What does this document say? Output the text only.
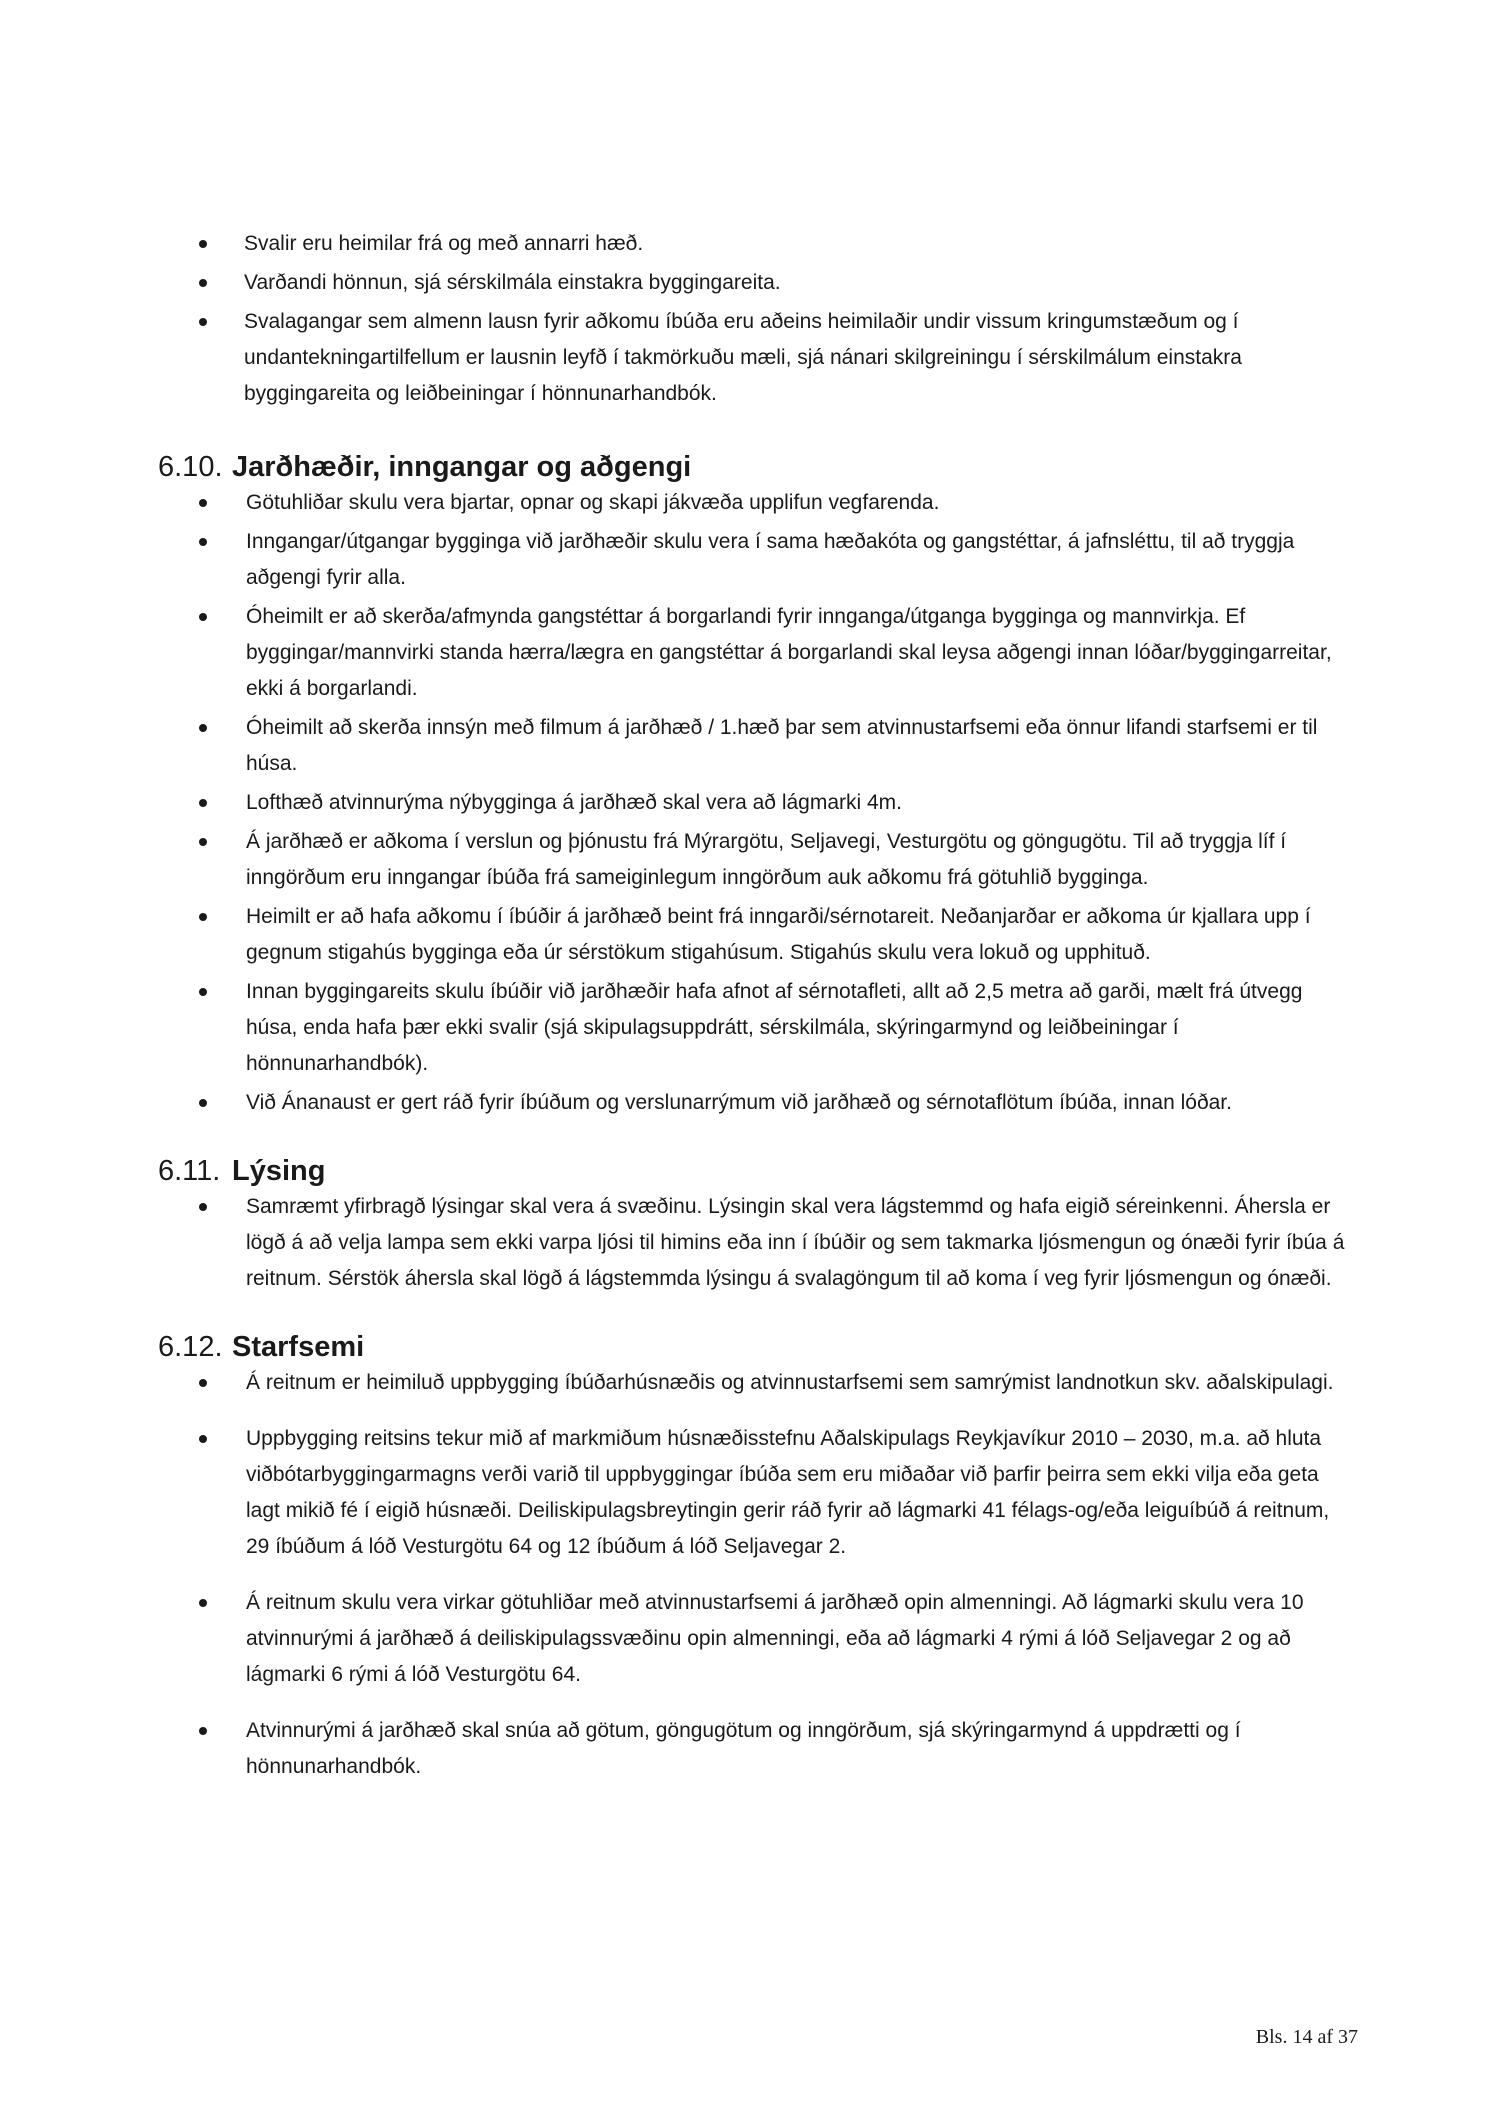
Svalir eru heimilar frá og með annarri hæð.
Varðandi hönnun, sjá sérskilmála einstakra byggingareita.
Svalagangar sem almenn lausn fyrir aðkomu íbúða eru aðeins heimilaðir undir vissum kringumstæðum og í undantekningartilfellum er lausnin leyfð í takmörkuðu mæli, sjá nánari skilgreiningu í sérskilmálum einstakra byggingareita og leiðbeiningar í hönnunarhandbók.
6.10. Jarðhæðir, inngangar og aðgengi
Götuhliðar skulu vera bjartar, opnar og skapi jákvæða upplifun vegfarenda.
Inngangar/útgangar bygginga við jarðhæðir skulu vera í sama hæðakóta og gangstéttar, á jafnsléttu, til að tryggja aðgengi fyrir alla.
Óheimilt er að skerða/afmynda gangstéttar á borgarlandi fyrir innganga/útganga bygginga og mannvirkja. Ef byggingar/mannvirki standa hærra/lægra en gangstéttar á borgarlandi skal leysa aðgengi innan lóðar/byggingarreitar, ekki á borgarlandi.
Óheimilt að skerða innsýn með filmum á jarðhæð / 1.hæð þar sem atvinnustarfsemi eða önnur lifandi starfsemi er til húsa.
Lofthæð atvinnurýma nýbygginga á jarðhæð skal vera að lágmarki 4m.
Á jarðhæð er aðkoma í verslun og þjónustu frá Mýrargötu, Seljavegi, Vesturgötu og göngugötu. Til að tryggja líf í inngörðum eru inngangar íbúða frá sameiginlegum inngörðum auk aðkomu frá götuhlið bygginga.
Heimilt er að hafa aðkomu í íbúðir á jarðhæð beint frá inngarði/sérnotareit. Neðanjarðar er aðkoma úr kjallara upp í gegnum stigahús bygginga eða úr sérstökum stigahúsum. Stigahús skulu vera lokuð og upphituð.
Innan byggingareits skulu íbúðir við jarðhæðir hafa afnot af sérnotafleti, allt að 2,5 metra að garði, mælt frá útvegg húsa, enda hafa þær ekki svalir (sjá skipulagsuppdrátt, sérskilmála, skýringarmynd og leiðbeiningar í hönnunarhandbók).
Við Ánanaust er gert ráð fyrir íbúðum og verslunarrýmum við jarðhæð og sérnotaflötum íbúða, innan lóðar.
6.11. Lýsing
Samræmt yfirbragð lýsingar skal vera á svæðinu. Lýsingin skal vera lágstemmd og hafa eigið séreinkenni. Áhersla er lögð á að velja lampa sem ekki varpa ljósi til himins eða inn í íbúðir og sem takmarka ljósmengun og ónæði fyrir íbúa á reitnum. Sérstök áhersla skal lögð á lágstemmda lýsingu á svalagöngum til að koma í veg fyrir ljósmengun og ónæði.
6.12. Starfsemi
Á reitnum er heimiluð uppbygging íbúðarhúsnæðis og atvinnustarfsemi sem samrýmist landnotkun skv. aðalskipulagi.
Uppbygging reitsins tekur mið af markmiðum húsnæðisstefnu Aðalskipulags Reykjavíkur 2010 – 2030, m.a. að hluta viðbótarbyggingarmagns verði varið til uppbyggingar íbúða sem eru miðaðar við þarfir þeirra sem ekki vilja eða geta lagt mikið fé í eigið húsnæði. Deiliskipulagsbreytingin gerir ráð fyrir að lágmarki 41 félags-og/eða leiguíbúð á reitnum, 29 íbúðum á lóð Vesturgötu 64 og 12 íbúðum á lóð Seljavegar 2.
Á reitnum skulu vera virkar götuhliðar með atvinnustarfsemi á jarðhæð opin almenningi. Að lágmarki skulu vera 10 atvinnurými á jarðhæð á deiliskipulagssvæðinu opin almenningi, eða að lágmarki 4 rými á lóð Seljavegar 2 og að lágmarki 6 rými á lóð Vesturgötu 64.
Atvinnurými á jarðhæð skal snúa að götum, göngugötum og inngörðum, sjá skýringarmynd á uppdrætti og í hönnunarhandbók.
Bls. 14 af 37
